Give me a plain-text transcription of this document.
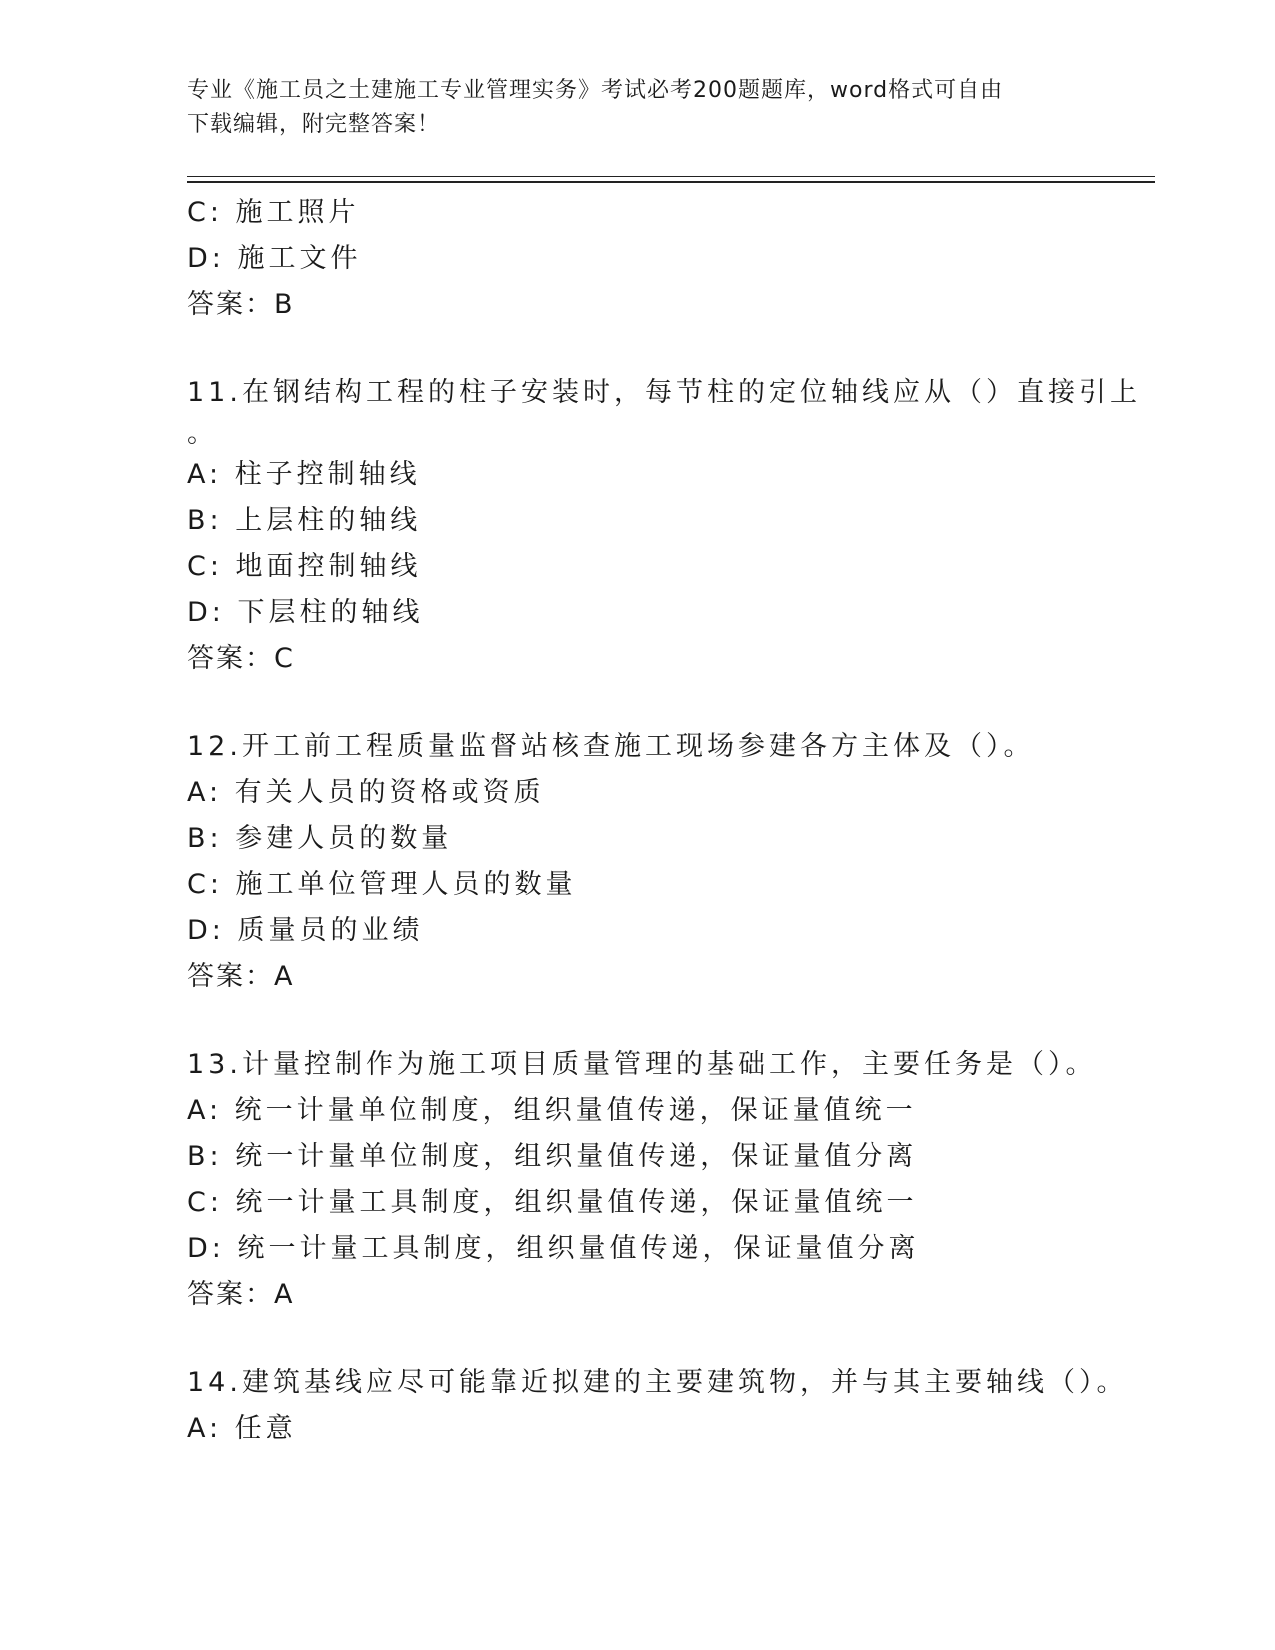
专业《施工员之土建施工专业管理实务》考试必考200题题库，word格式可自由
下载编辑，附完整答案！
C: 施工照片
D: 施工文件
答案：B
11.在钢结构工程的柱子安装时，每节柱的定位轴线应从（）直接引上
。
A: 柱子控制轴线
B: 上层柱的轴线
C: 地面控制轴线
D: 下层柱的轴线
答案：C
12.开工前工程质量监督站核查施工现场参建各方主体及（）。
A: 有关人员的资格或资质
B: 参建人员的数量
C: 施工单位管理人员的数量
D: 质量员的业绩
答案：A
13.计量控制作为施工项目质量管理的基础工作，主要任务是（）。
A: 统一计量单位制度，组织量值传递，保证量值统一
B: 统一计量单位制度，组织量值传递，保证量值分离
C: 统一计量工具制度，组织量值传递，保证量值统一
D: 统一计量工具制度，组织量值传递，保证量值分离
答案：A
14.建筑基线应尽可能靠近拟建的主要建筑物，并与其主要轴线（）。
A: 任意
